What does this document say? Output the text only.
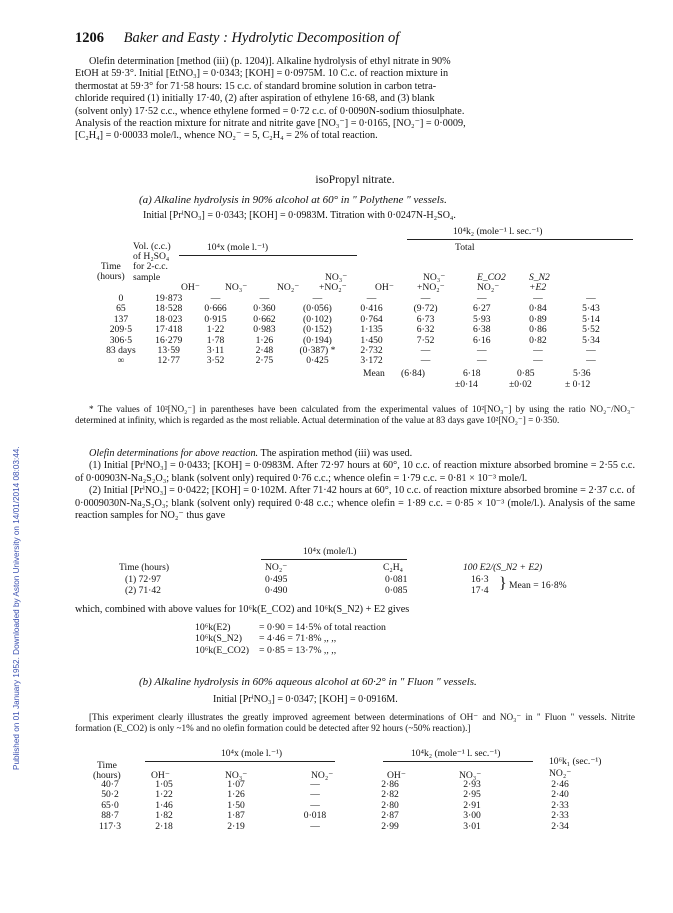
Published on 01 January 1952. Downloaded by Aston University on 14/01/2014 08:03:44.
1206 Baker and Easty : Hydrolytic Decomposition of

Olefin determination [method (iii) (p. 1204)]. Alkaline hydrolysis of ethyl nitrate in 90%

EtOH at 59·3°. Initial [EtNO₃] = 0·0343; [KOH] = 0·0975M. 10 C.c. of reaction mixture in

thermostat at 59·3° for 71·58 hours: 15 c.c. of standard bromine solution in carbon tetra-

chloride required (1) initially 17·40, (2) after aspiration of ethylene 16·68, and (3) blank

(solvent only) 17·52 c.c., whence ethylene formed = 0·72 c.c. of 0·0090N-sodium thiosulphate.

Analysis of the reaction mixture for nitrate and nitrite gave [NO₃⁻] = 0·0165, [NO₂⁻] = 0·0009,

[C₂H₄] = 0·00033 mole/l., whence NO₂⁻ = 5, C₂H₄ = 2% of total reaction.

isoPropyl nitrate.
(a) Alkaline hydrolysis in 90% alcohol at 60° in " Polythene " vessels.
Initial [PrⁱNO₃] = 0·0343; [KOH] = 0·0983M. Titration with 0·0247N-H₂SO₄.
10⁴k₂ (mole⁻¹ l. sec.⁻¹)
10⁴x (mole l.⁻¹)	Total
Vol. (c.c.)
of H₂SO₄
for 2-c.c.
sample
Time
(hours)
OH⁻	NO₃⁻	NO₂⁻
NO₃⁻
+NO₂⁻	OH⁻
NO₃⁻
+NO₂⁻
E_CO2
NO₂⁻
S_N2
+E2
0	19·873	—	—	—	—	—	—	—	—
65	18·528	0·666	0·360	(0·056)	0·416	(9·72)	6·27	0·84	5·43
137	18·023	0·915	0·662	(0·102)	0·764	6·73	5·93	0·89	5·14
209·5	17·418	1·22	0·983	(0·152)	1·135	6·32	6·38	0·86	5·52
306·5	16·279	1·78	1·26	(0·194)	1·450	7·52	6·16	0·82	5·34
83 days	13·59	3·11	2·48	(0·387) *	2·732	—	—	—	—
∞	12·77	3·52	2·75	0·425	3·172	—	—	—	—
Mean (6·84)	6·18	0·85	5·36
±0·14	±0·02	± 0·12

* The values of 10²[NO₂⁻] in parentheses have been calculated from the experimental values of 10²[NO₃⁻] by using the ratio NO₂⁻/NO₃⁻ determined at infinity, which is regarded as the most reliable. Actual determination of the value at 83 days gave 10²[NO₂⁻] = 0·350.

Olefin determinations for above reaction. The aspiration method (iii) was used.

(1) Initial [PrⁱNO₃] = 0·0433; [KOH] = 0·0983M. After 72·97 hours at 60°, 10 c.c. of reaction mixture absorbed bromine = 2·55 c.c. of 0·00903N-Na₂S₂O₃; blank (solvent only) required 0·76 c.c.; whence olefin = 1·79 c.c. = 0·81 × 10⁻³ mole/l.

(2) Initial [PrⁱNO₃] = 0·0422; [KOH] = 0·102M. After 71·42 hours at 60°, 10 c.c. of reaction mixture absorbed bromine = 2·37 c.c. of 0·0009030N-Na₂S₂O₃; blank (solvent only) required 0·48 c.c.; whence olefin = 1·89 c.c. = 0·85 × 10⁻³ (mole/l.). Analysis of the same reaction samples for NO₂⁻ thus gave

10⁴x (mole/l.)
Time (hours)	NO₂⁻	C₂H₄	100 E2/(S_N2 + E2)
(1) 72·97	0·495	0·081	16·3
(2) 71·42	0·490	0·085	17·4 } Mean = 16·8%

which, combined with above values for 10⁶k(E_CO2) and 10⁶k(S_N2) + E2 gives

10⁶k(E2)	= 0·90 = 14·5% of total reaction
10⁶k(S_N2) = 4·46 = 71·8% ,, ,,
10⁶k(E_CO2) = 0·85 = 13·7% ,, ,,
(b) Alkaline hydrolysis in 60% aqueous alcohol at 60·2° in " Fluon " vessels.
Initial [PrⁱNO₃] = 0·0347; [KOH] = 0·0916M.

[This experiment clearly illustrates the greatly improved agreement between determinations of OH⁻ and NO₃⁻ in " Fluon " vessels. Nitrite formation (E_CO2) is only ~1% and no olefin formation could be detected after 92 hours (~50% reaction).]

10⁴x (mole l.⁻¹)	10⁴k₂ (mole⁻¹ l. sec.⁻¹)
10⁶k₁ (sec.⁻¹)
Time
(hours)	OH⁻	NO₃⁻	NO₂⁻	OH⁻	NO₃⁻	NO₂⁻
40·7	1·05	1·07	—	2·86	2·93	2·46
50·2	1·22	1·26	—	2·82	2·95	2·40
65·0	1·46	1·50	—	2·80	2·91	2·33
88·7	1·82	1·87	0·018	2·87	3·00	2·33
117·3	2·18	2·19	—	2·99	3·01	2·34
